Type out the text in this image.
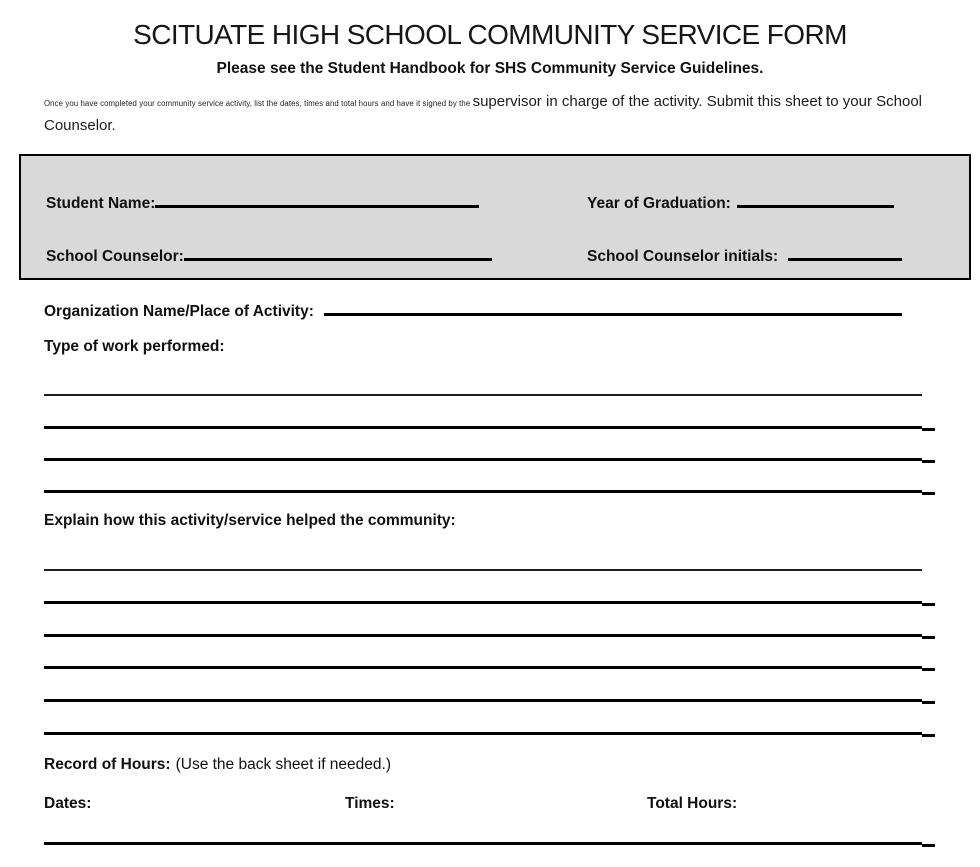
SCITUATE HIGH SCHOOL COMMUNITY SERVICE FORM
Please see the Student Handbook for SHS Community Service Guidelines.

Once you have completed your community service activity, list the dates, times and total hours and have it signed by the supervisor in charge of the activity. Submit this sheet to your School Counselor.

Student Name:	Year of Graduation:
School Counselor:	School Counselor initials:
Organization Name/Place of Activity:
Type of work performed:
Explain how this activity/service helped the community:
Record of Hours: (Use the back sheet if needed.)
Dates:	Times:	Total Hours:
